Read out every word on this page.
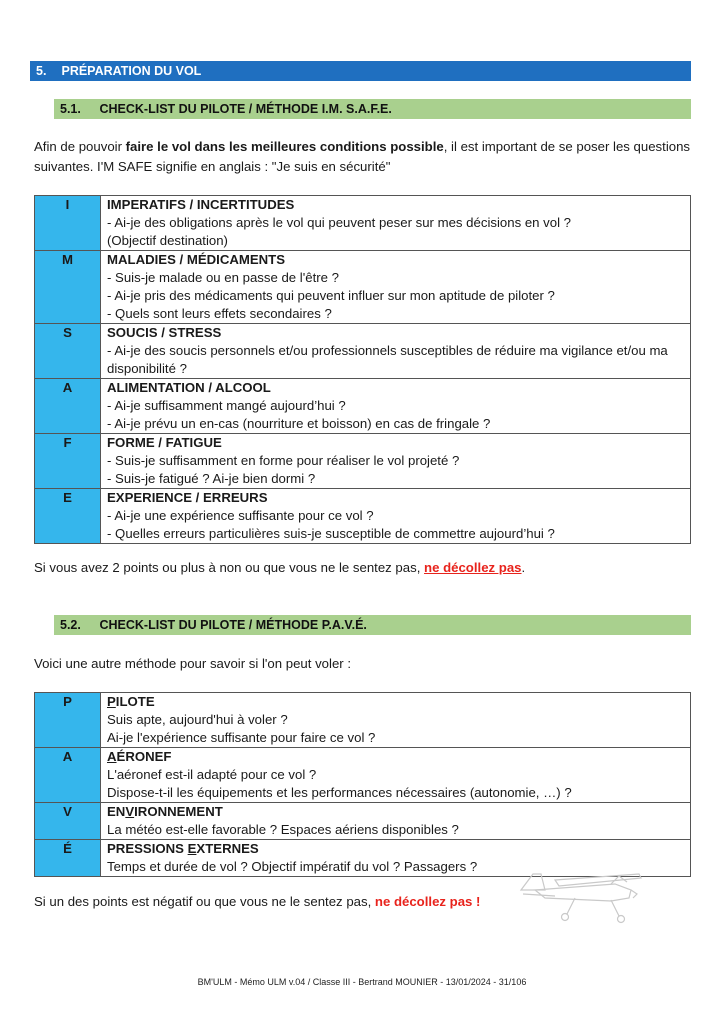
5. PRÉPARATION DU VOL
5.1. CHECK-LIST DU PILOTE / MÉTHODE I.M. S.A.F.E.

Afin de pouvoir faire le vol dans les meilleures conditions possible, il est important de se poser les questions suivantes. I'M SAFE signifie en anglais : "Je suis en sécurité"

I	IMPERATIFS / INCERTITUDES
- Ai-je des obligations après le vol qui peuvent peser sur mes décisions en vol ?
(Objectif destination)

M	MALADIES / MÉDICAMENTS
- Suis-je malade ou en passe de l'être ?
- Ai-je pris des médicaments qui peuvent influer sur mon aptitude de piloter ?
- Quels sont leurs effets secondaires ?

S	SOUCIS / STRESS
- Ai-je des soucis personnels et/ou professionnels susceptibles de réduire ma vigilance et/ou ma disponibilité ?

A	ALIMENTATION / ALCOOL
- Ai-je suffisamment mangé aujourd’hui ?
- Ai-je prévu un en-cas (nourriture et boisson) en cas de fringale ?

F	FORME / FATIGUE
- Suis-je suffisamment en forme pour réaliser le vol projeté ?
- Suis-je fatigué ? Ai-je bien dormi ?

E	EXPERIENCE / ERREURS
- Ai-je une expérience suffisante pour ce vol ?
- Quelles erreurs particulières suis-je susceptible de commettre aujourd’hui ?

Si vous avez 2 points ou plus à non ou que vous ne le sentez pas, ne décollez pas.

5.2. CHECK-LIST DU PILOTE / MÉTHODE P.A.V.É.

Voici une autre méthode pour savoir si l'on peut voler :

P	PILOTE
Suis apte, aujourd'hui à voler ?
Ai-je l'expérience suffisante pour faire ce vol ?

A	AÉRONEF
L'aéronef est-il adapté pour ce vol ?
Dispose-t-il les équipements et les performances nécessaires (autonomie, …) ?

V	ENVIRONNEMENT
La météo est-elle favorable ? Espaces aériens disponibles ?

É	PRESSIONS EXTERNES
Temps et durée de vol ? Objectif impératif du vol ? Passagers ?

Si un des points est négatif ou que vous ne le sentez pas, ne décollez pas !

BM'ULM - Mémo ULM v.04 / Classe III - Bertrand MOUNIER - 13/01/2024 - 31/106
